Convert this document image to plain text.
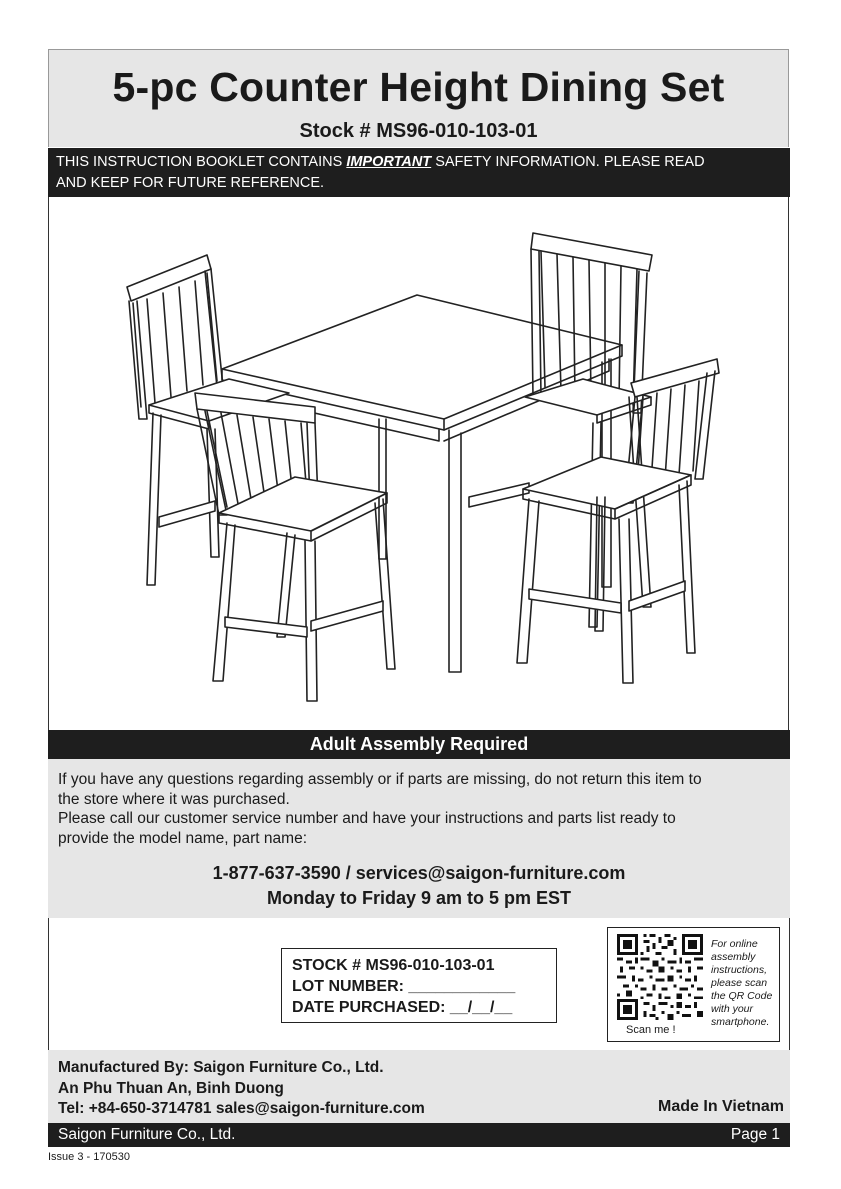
5-pc Counter Height Dining Set
Stock # MS96-010-103-01
THIS INSTRUCTION BOOKLET CONTAINS IMPORTANT SAFETY INFORMATION. PLEASE READ
AND KEEP FOR FUTURE REFERENCE.
Adult Assembly Required
If you have any questions regarding assembly or if parts are missing, do not return this item to
the store where it was purchased.
Please call our customer service number and have your instructions and parts list ready to
provide the model name, part name:
1-877-637-3590 / services@saigon-furniture.com
Monday to Friday 9 am to 5 pm EST
STOCK # MS96-010-103-01
LOT NUMBER: ____________
DATE PURCHASED: __/__/__
Scan me !
For online assembly instructions, please scan the QR Code with your smartphone.
Manufactured By: Saigon Furniture Co., Ltd.
An Phu Thuan An, Binh Duong
Tel: +84-650-3714781 sales@saigon-furniture.com	Made In Vietnam
Saigon Furniture Co., Ltd.	Page 1
Issue 3 - 170530
